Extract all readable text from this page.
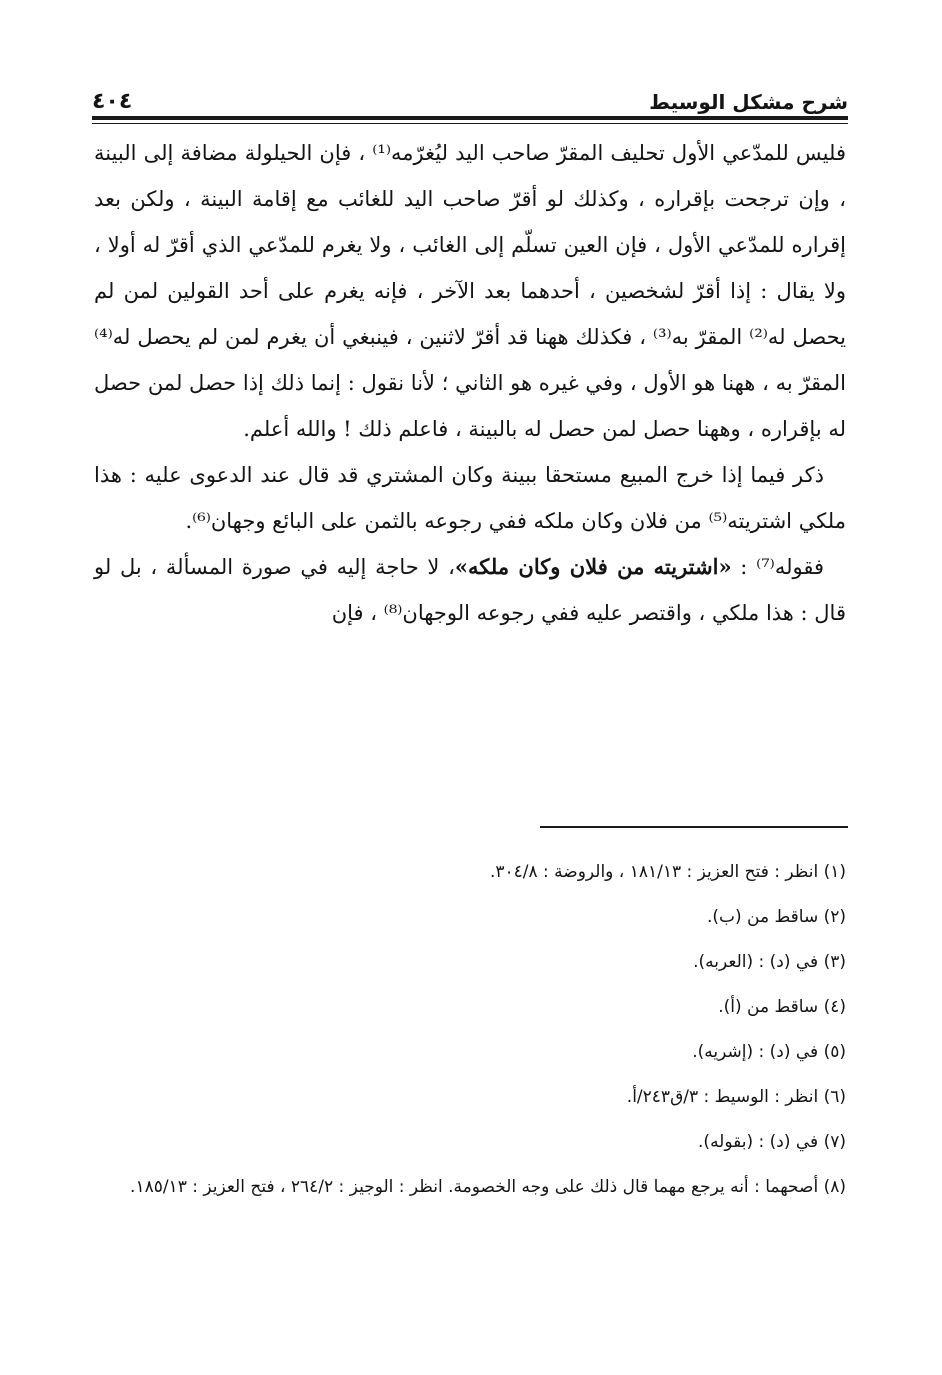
شرح مشكل الوسيط
٤٠٤

فليس للمدّعي الأول تحليف المقرّ صاحب اليد ليُغرّمه⁽¹⁾ ، فإن الحيلولة مضافة إلى البينة ، وإن ترجحت بإقراره ، وكذلك لو أقرّ صاحب اليد للغائب مع إقامة البينة ، ولكن بعد إقراره للمدّعي الأول ، فإن العين تسلّم إلى الغائب ، ولا يغرم للمدّعي الذي أقرّ له أولا ، ولا يقال : إذا أقرّ لشخصين ، أحدهما بعد الآخر ، فإنه يغرم على أحد القولين لمن لم يحصل له⁽²⁾ المقرّ به⁽³⁾ ، فكذلك ههنا قد أقرّ لاثنين ، فينبغي أن يغرم لمن لم يحصل له⁽⁴⁾ المقرّ به ، ههنا هو الأول ، وفي غيره هو الثاني ؛ لأنا نقول : إنما ذلك إذا حصل لمن حصل له بإقراره ، وههنا حصل لمن حصل له بالبينة ، فاعلم ذلك ! والله أعلم.

ذكر فيما إذا خرج المبيع مستحقا ببينة وكان المشتري قد قال عند الدعوى عليه : هذا ملكي اشتريته⁽⁵⁾ من فلان وكان ملكه ففي رجوعه بالثمن على البائع وجهان⁽⁶⁾.

فقوله⁽⁷⁾ : «اشتريته من فلان وكان ملكه»، لا حاجة إليه في صورة المسألة ، بل لو قال : هذا ملكي ، واقتصر عليه ففي رجوعه الوجهان⁽⁸⁾ ، فإن

(١) انظر : فتح العزيز : ١٨١/١٣ ، والروضة : ٣٠٤/٨.

(٢) ساقط من (ب).

(٣) في (د) : (العربه).

(٤) ساقط من (أ).

(٥) في (د) : (إشريه).

(٦) انظر : الوسيط : ٣/ق٢٤٣/أ.

(٧) في (د) : (بقوله).

(٨) أصحهما : أنه يرجع مهما قال ذلك على وجه الخصومة. انظر : الوجيز : ٢٦٤/٢ ، فتح العزيز : ١٨٥/١٣.
